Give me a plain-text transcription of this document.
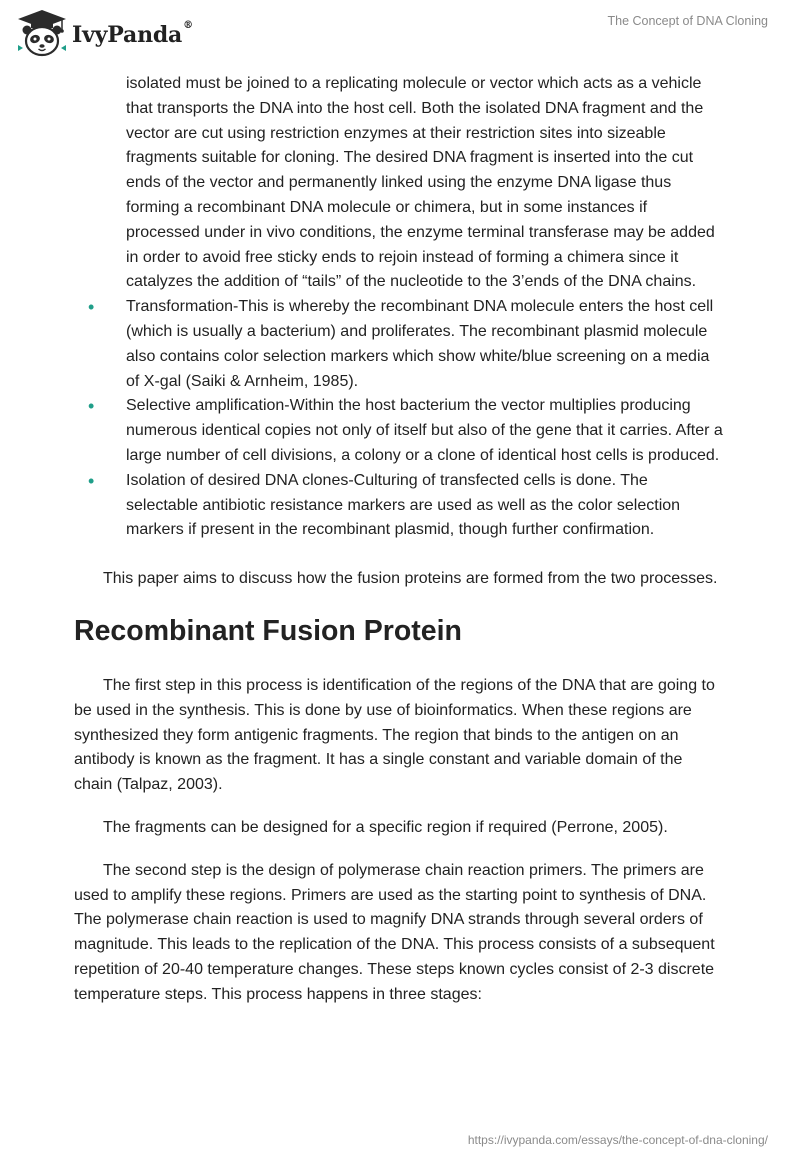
IvyPanda®	The Concept of DNA Cloning

isolated must be joined to a replicating molecule or vector which acts as a vehicle that transports the DNA into the host cell. Both the isolated DNA fragment and the vector are cut using restriction enzymes at their restriction sites into sizeable fragments suitable for cloning. The desired DNA fragment is inserted into the cut ends of the vector and permanently linked using the enzyme DNA ligase thus forming a recombinant DNA molecule or chimera, but in some instances if processed under in vivo conditions, the enzyme terminal transferase may be added in order to avoid free sticky ends to rejoin instead of forming a chimera since it catalyzes the addition of “tails” of the nucleotide to the 3’ends of the DNA chains.

• Transformation-This is whereby the recombinant DNA molecule enters the host cell (which is usually a bacterium) and proliferates. The recombinant plasmid molecule also contains color selection markers which show white/blue screening on a media of X-gal (Saiki & Arnheim, 1985).
• Selective amplification-Within the host bacterium the vector multiplies producing numerous identical copies not only of itself but also of the gene that it carries. After a large number of cell divisions, a colony or a clone of identical host cells is produced.
• Isolation of desired DNA clones-Culturing of transfected cells is done. The selectable antibiotic resistance markers are used as well as the color selection markers if present in the recombinant plasmid, though further confirmation.

This paper aims to discuss how the fusion proteins are formed from the two processes.

Recombinant Fusion Protein

The first step in this process is identification of the regions of the DNA that are going to be used in the synthesis. This is done by use of bioinformatics. When these regions are synthesized they form antigenic fragments. The region that binds to the antigen on an antibody is known as the fragment. It has a single constant and variable domain of the chain (Talpaz, 2003).

The fragments can be designed for a specific region if required (Perrone, 2005).

The second step is the design of polymerase chain reaction primers. The primers are used to amplify these regions. Primers are used as the starting point to synthesis of DNA. The polymerase chain reaction is used to magnify DNA strands through several orders of magnitude. This leads to the replication of the DNA. This process consists of a subsequent repetition of 20-40 temperature changes. These steps known cycles consist of 2-3 discrete temperature steps. This process happens in three stages:

https://ivypanda.com/essays/the-concept-of-dna-cloning/
